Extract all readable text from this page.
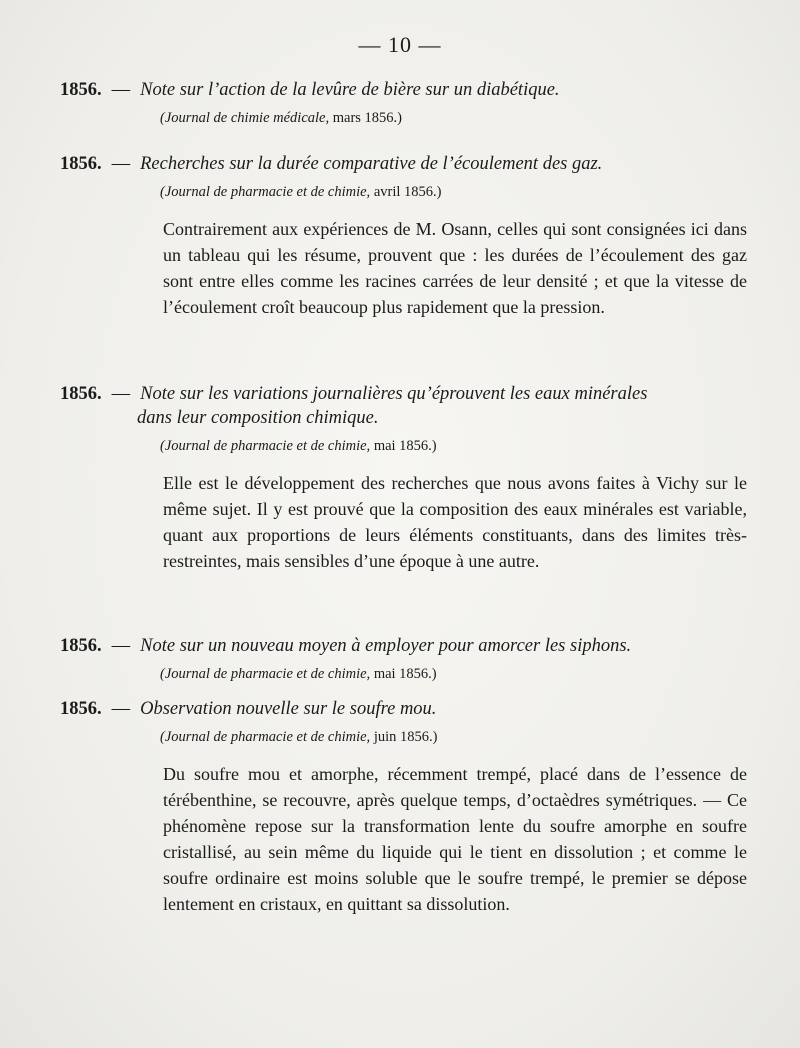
— 10 —
1856. — Note sur l’action de la levûre de bière sur un diabétique.
(Journal de chimie médicale, mars 1856.)
1856. — Recherches sur la durée comparative de l’écoulement des gaz.
(Journal de pharmacie et de chimie, avril 1856.)
Contrairement aux expériences de M. Osann, celles qui sont consignées ici dans un tableau qui les résume, prouvent que : les durées de l’écoulement des gaz sont entre elles comme les racines carrées de leur densité ; et que la vitesse de l’écoulement croît beaucoup plus rapidement que la pression.
1856. — Note sur les variations journalières qu’éprouvent les eaux minérales
dans leur composition chimique.
(Journal de pharmacie et de chimie, mai 1856.)
Elle est le développement des recherches que nous avons faites à Vichy sur le même sujet. Il y est prouvé que la composition des eaux minérales est variable, quant aux proportions de leurs éléments constituants, dans des limites très-restreintes, mais sensibles d’une époque à une autre.
1856. — Note sur un nouveau moyen à employer pour amorcer les siphons.
(Journal de pharmacie et de chimie, mai 1856.)
1856. — Observation nouvelle sur le soufre mou.
(Journal de pharmacie et de chimie, juin 1856.)
Du soufre mou et amorphe, récemment trempé, placé dans de l’essence de térébenthine, se recouvre, après quelque temps, d’octaèdres symétriques. — Ce phénomène repose sur la transformation lente du soufre amorphe en soufre cristallisé, au sein même du liquide qui le tient en dissolution ; et comme le soufre ordinaire est moins soluble que le soufre trempé, le premier se dépose lentement en cristaux, en quittant sa dissolution.
